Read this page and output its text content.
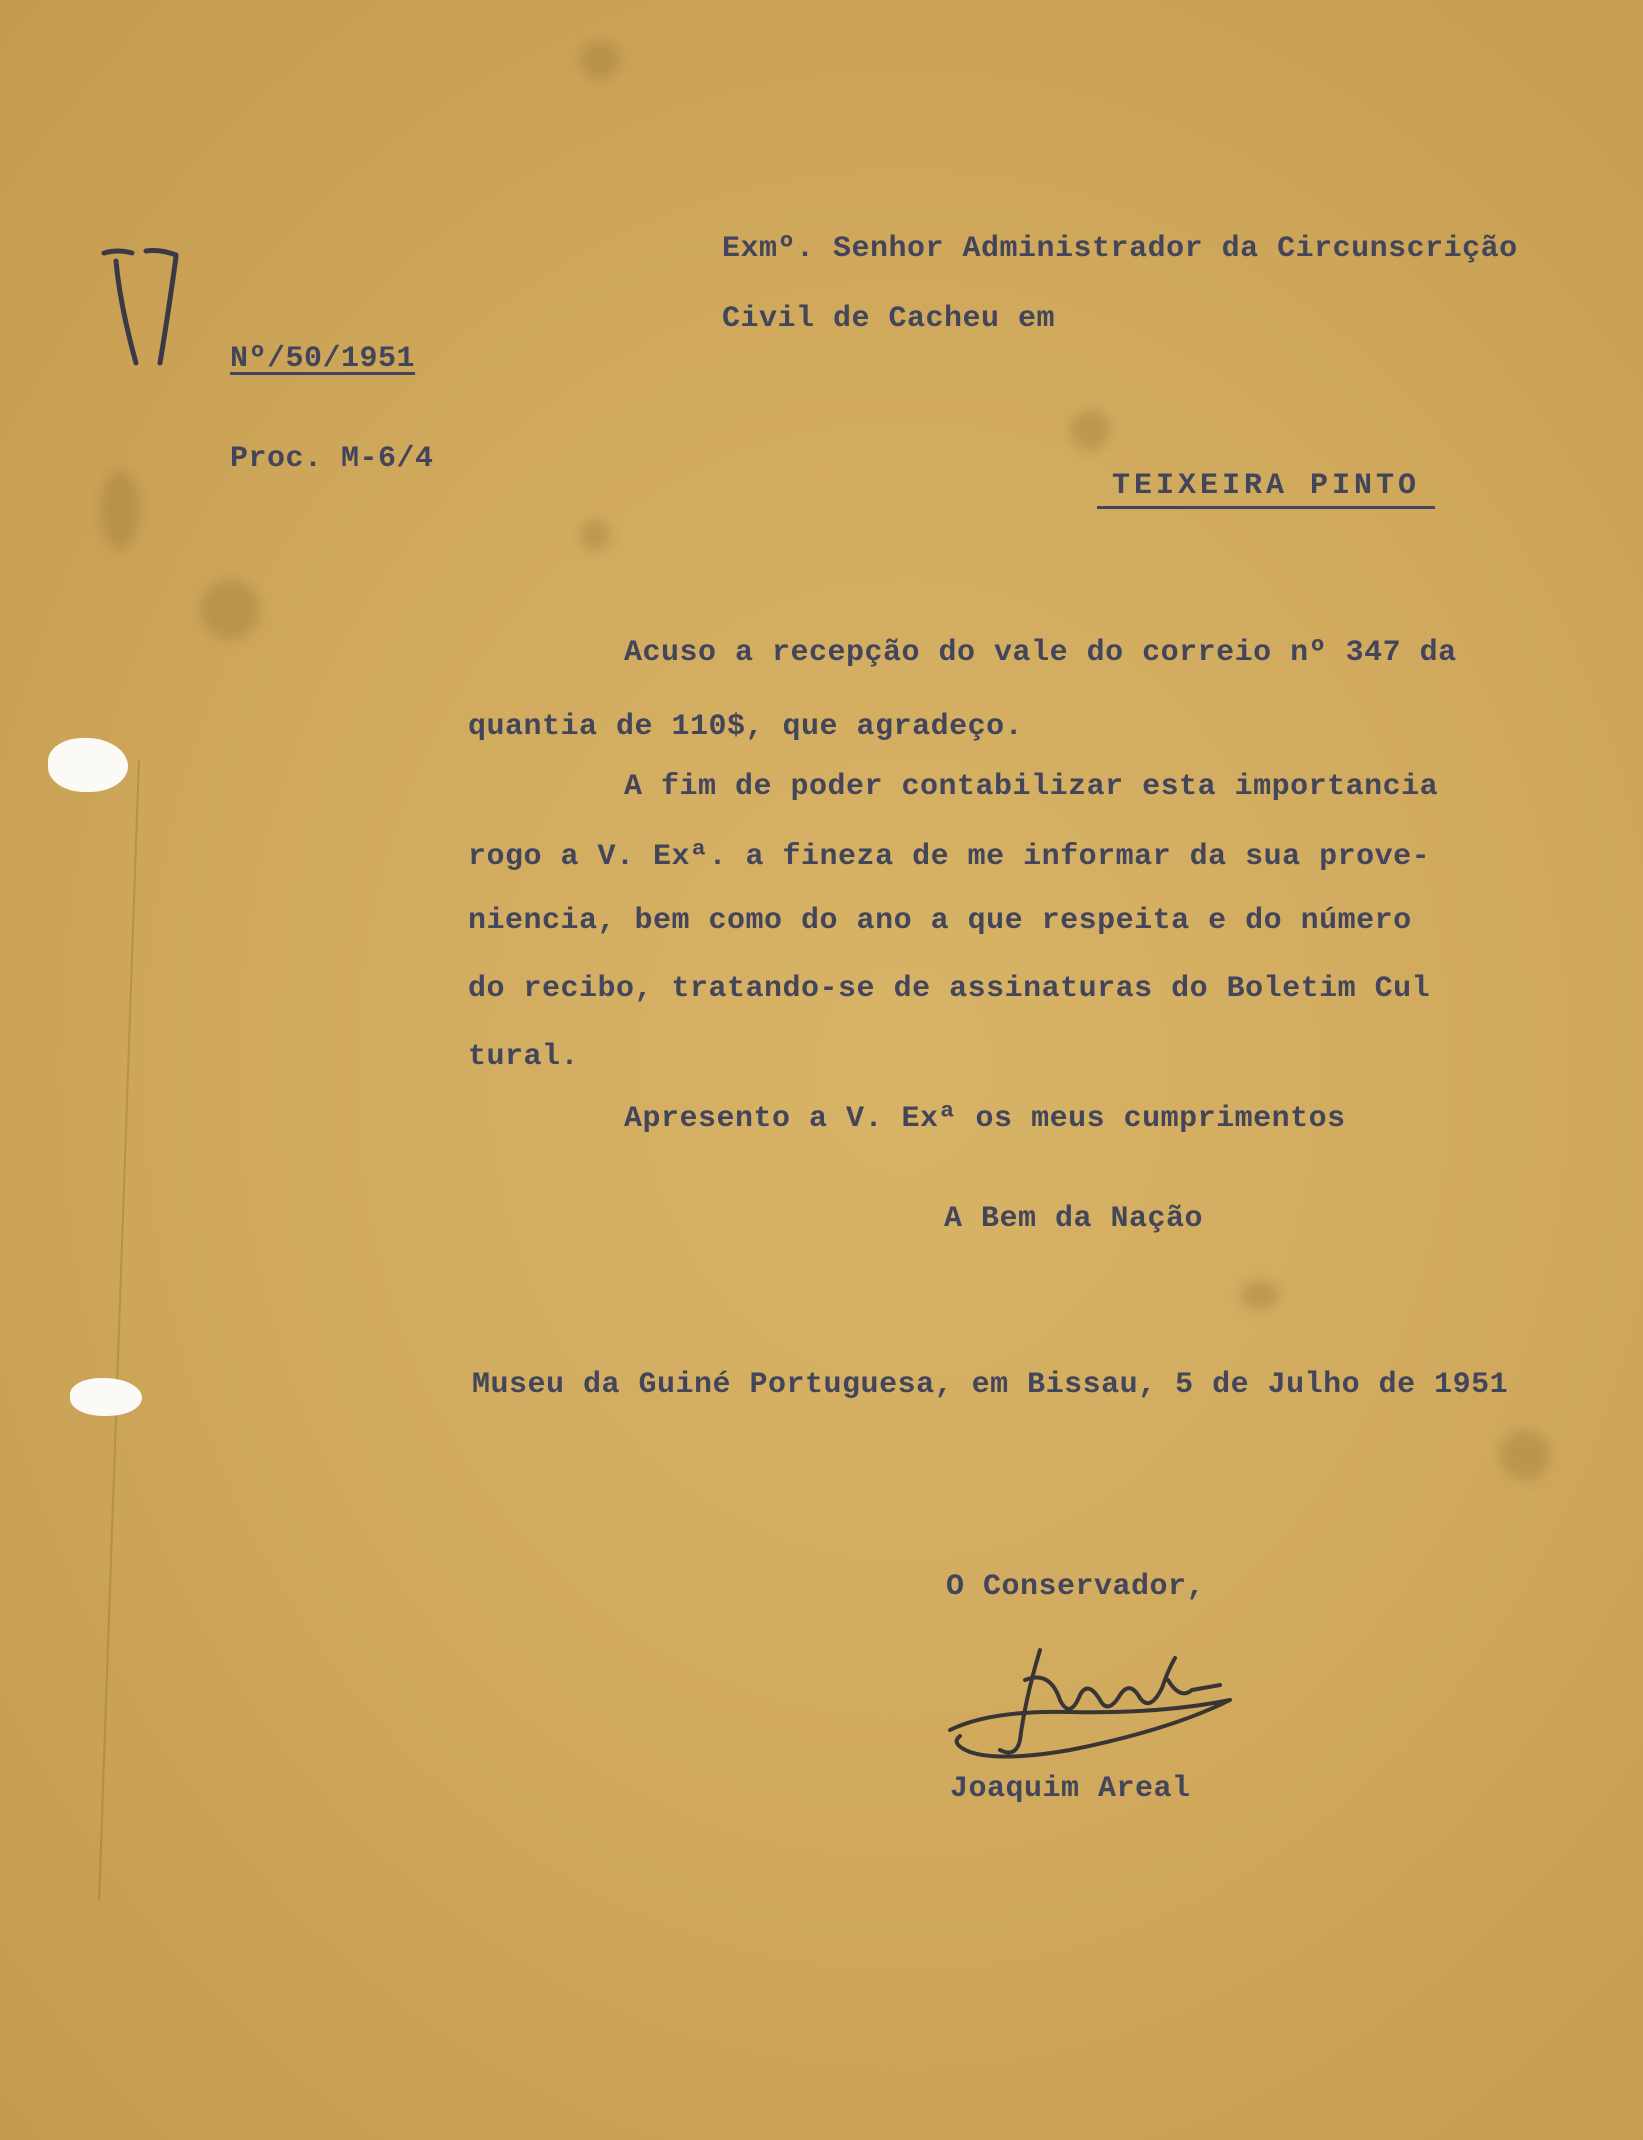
Exmº. Senhor Administrador da Circunscrição
Civil de Cacheu em
Nº/50/1951
Proc. M-6/4
TEIXEIRA PINTO
Acuso a recepção do vale do correio nº 347 da
quantia de 110$, que agradeço.
A fim de poder contabilizar esta importancia
rogo a V. Exª. a fineza de me informar da sua prove-
niencia, bem como do ano a que respeita e do número
do recibo, tratando-se de assinaturas do Boletim Cul
tural.
Apresento a V. Exª os meus cumprimentos
A Bem da Nação
Museu da Guiné Portuguesa, em Bissau, 5 de Julho de 1951
O Conservador,
Joaquim Areal
